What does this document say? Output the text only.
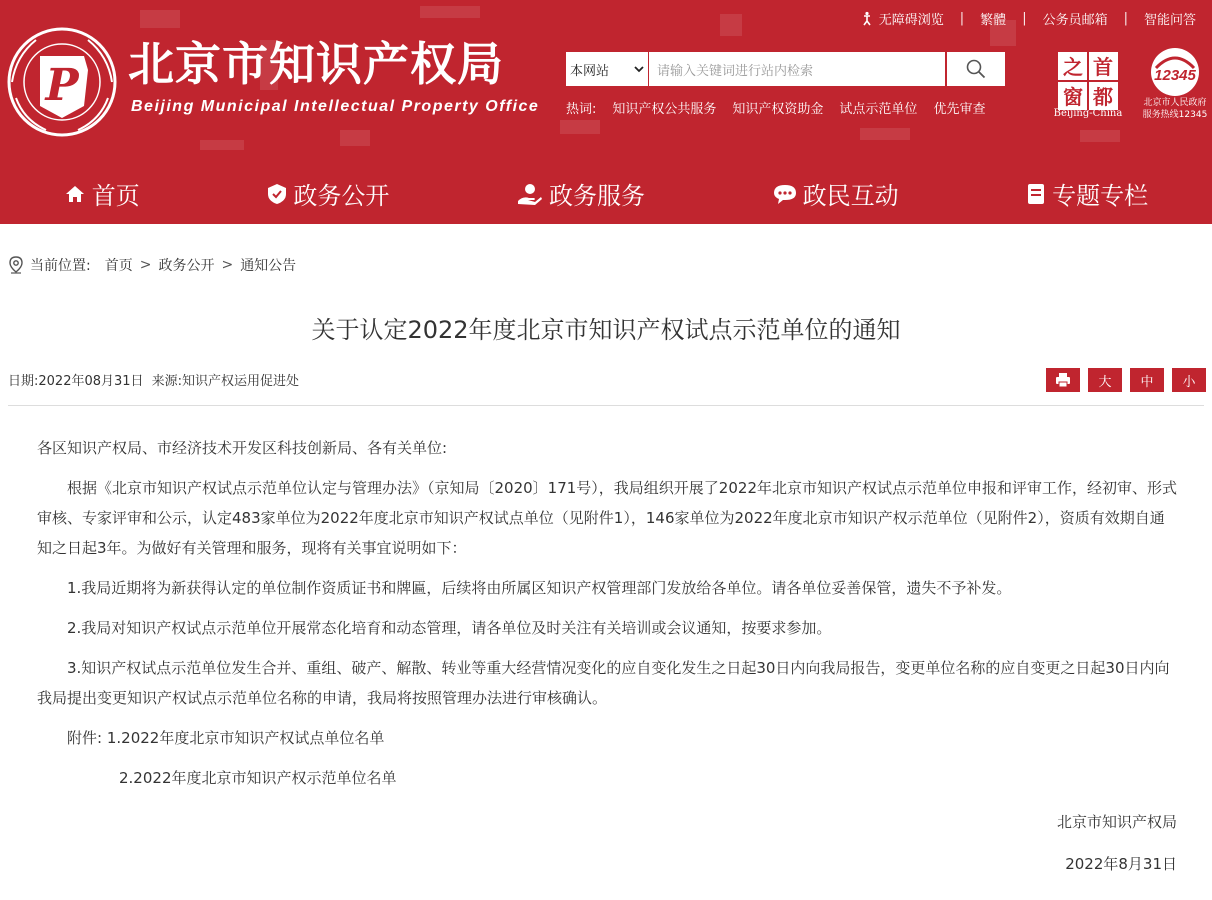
P 北京市知识产权局
Beijing Municipal Intellectual Property Office
无障碍浏览 | 繁體 | 公务员邮箱 | 智能问答
本网站	请输入关键词进行站内检索
热词: 知识产权公共服务 知识产权资助金 试点示范单位 优先审查
首
都
之
窗
Beijing-China
12345
北京市人民政府
服务热线12345
首页	政务公开	政务服务	政民互动	专题专栏
当前位置: 首页 > 政务公开 > 通知公告
关于认定2022年度北京市知识产权试点示范单位的通知
日期: 2022年08月31日 来源: 知识产权运用促进处	大	中	小

各区知识产权局、市经济技术开发区科技创新局、各有关单位:

根据《北京市知识产权试点示范单位认定与管理办法》（京知局〔2020〕171号），我局组织开展了2022年北京市知识产权试点示范单位申报和评审工作，经初审、形式审核、专家评审和公示，认定483家单位为2022年度北京市知识产权试点单位（见附件1），146家单位为2022年度北京市知识产权示范单位（见附件2），资质有效期自通知之日起3年。为做好有关管理和服务，现将有关事宜说明如下：

1.我局近期将为新获得认定的单位制作资质证书和牌匾，后续将由所属区知识产权管理部门发放给各单位。请各单位妥善保管，遗失不予补发。

2.我局对知识产权试点示范单位开展常态化培育和动态管理，请各单位及时关注有关培训或会议通知，按要求参加。

3.知识产权试点示范单位发生合并、重组、破产、解散、转业等重大经营情况变化的应自变化发生之日起30日内向我局报告，变更单位名称的应自变更之日起30日内向我局提出变更知识产权试点示范单位名称的申请，我局将按照管理办法进行审核确认。

附件: 1.2022年度北京市知识产权试点单位名单

2.2022年度北京市知识产权示范单位名单

北京市知识产权局

2022年8月31日
